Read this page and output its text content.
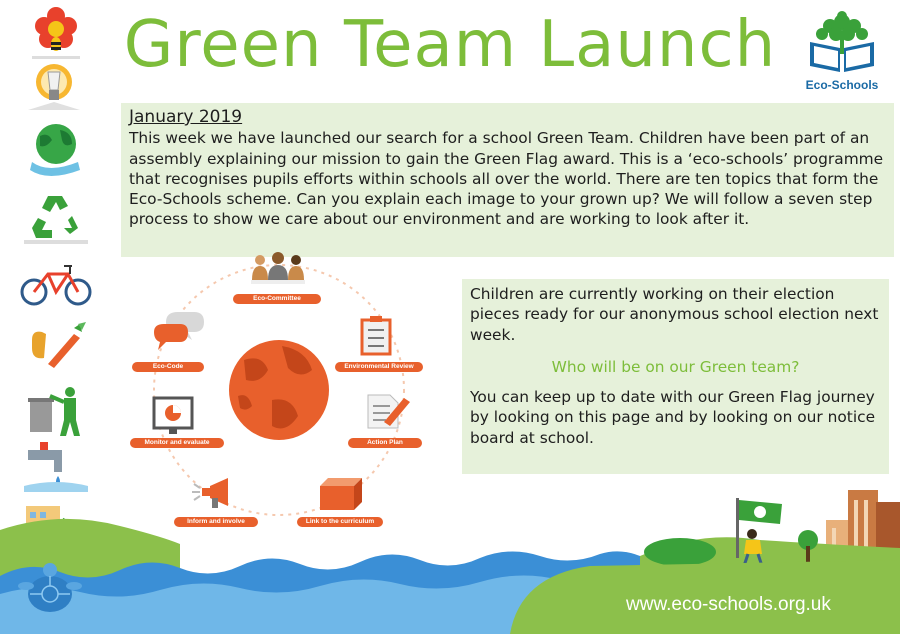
Green Team Launch
Eco-Schools
January 2019
This week we have launched our search for a school Green Team. Children have been part of an assembly explaining our mission to gain the Green Flag award. This is a ‘eco-schools’ programme that recognises pupils efforts within schools all over the world. There are ten topics that form the Eco-Schools scheme. Can you explain each image to your grown up? We will follow a seven step process to show we care about our environment and are working to look after it.
Eco-Committee
Environmental Review
Action Plan
Link to the curriculum
Inform and involve
Monitor and evaluate
Eco-Code

Children are currently working on their election pieces ready for our anonymous school election next week.

Who will be on our Green team?

You can keep up to date with our Green Flag journey by looking on this page and by looking on our notice board at school.

www.eco-schools.org.uk
